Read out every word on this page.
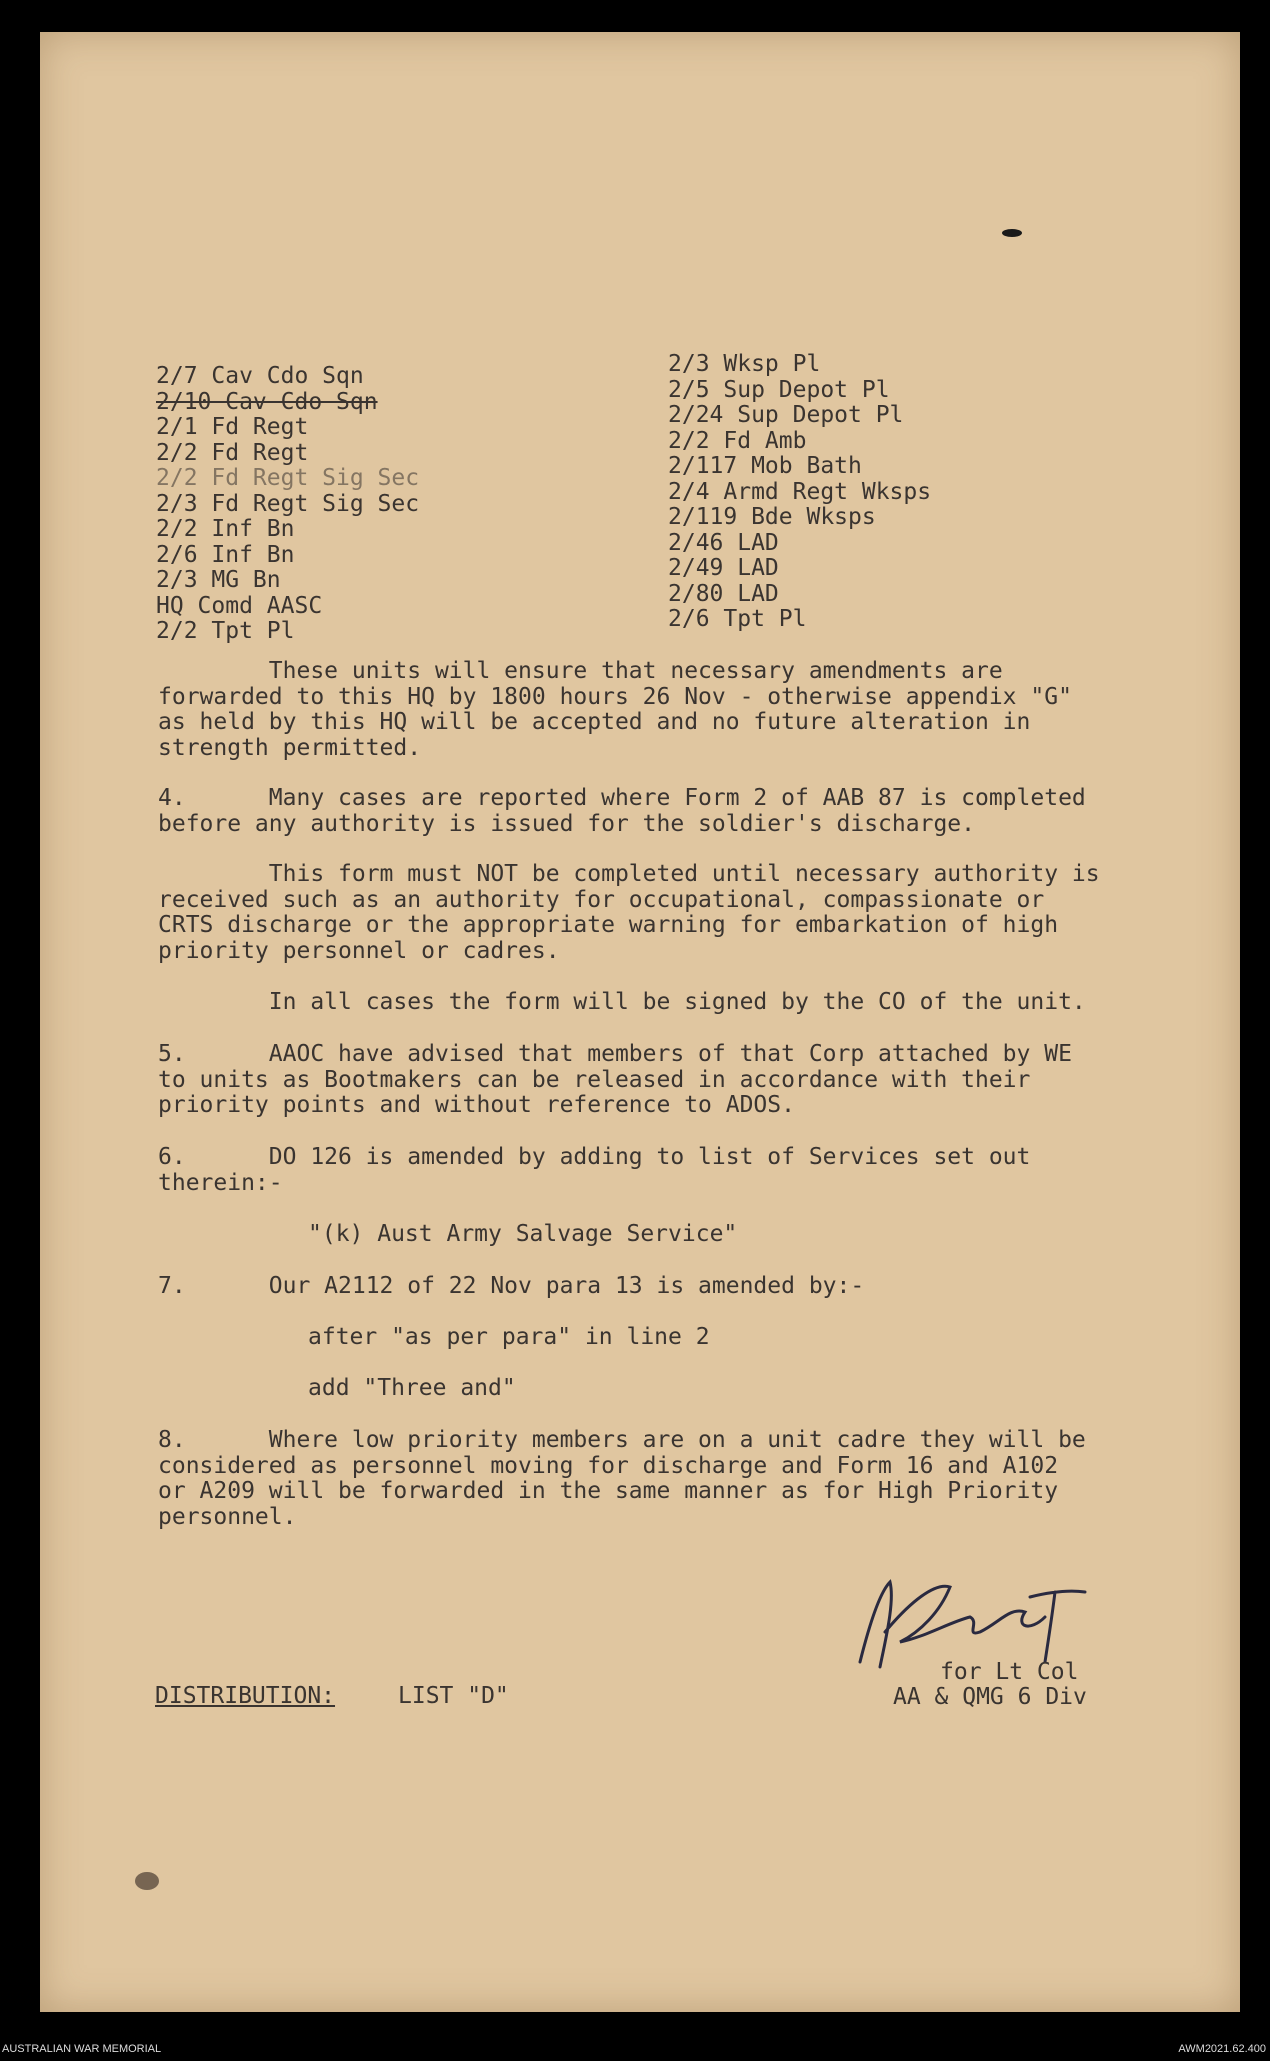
2/7 Cav Cdo Sqn
2/10 Cav Cdo Sqn
2/1 Fd Regt
2/2 Fd Regt
2/2 Fd Regt Sig Sec
2/3 Fd Regt Sig Sec
2/2 Inf Bn
2/6 Inf Bn
2/3 MG Bn
HQ Comd AASC
2/2 Tpt Pl
2/3 Wksp Pl
2/5 Sup Depot Pl
2/24 Sup Depot Pl
2/2 Fd Amb
2/117 Mob Bath
2/4 Armd Regt Wksps
2/119 Bde Wksps
2/46 LAD
2/49 LAD
2/80 LAD
2/6 Tpt Pl
These units will ensure that necessary amendments are
forwarded to this HQ by 1800 hours 26 Nov - otherwise appendix "G"
as held by this HQ will be accepted and no future alteration in
strength permitted.
4.      Many cases are reported where Form 2 of AAB 87 is completed
before any authority is issued for the soldier's discharge.
This form must NOT be completed until necessary authority is
received such as an authority for occupational, compassionate or
CRTS discharge or the appropriate warning for embarkation of high
priority personnel or cadres.
In all cases the form will be signed by the CO of the unit.
5.      AAOC have advised that members of that Corp attached by WE
to units as Bootmakers can be released in accordance with their
priority points and without reference to ADOS.
6.      DO 126 is amended by adding to list of Services set out
therein:-
"(k) Aust Army Salvage Service"
7.      Our A2112 of 22 Nov para 13 is amended by:-
after "as per para" in line 2
add "Three and"
8.      Where low priority members are on a unit cadre they will be
considered as personnel moving for discharge and Form 16 and A102
or A209 will be forwarded in the same manner as for High Priority
personnel.
for Lt Col
AA & QMG 6 Div
DISTRIBUTION:	LIST "D"
AUSTRALIAN WAR MEMORIAL	AWM2021.62.400
